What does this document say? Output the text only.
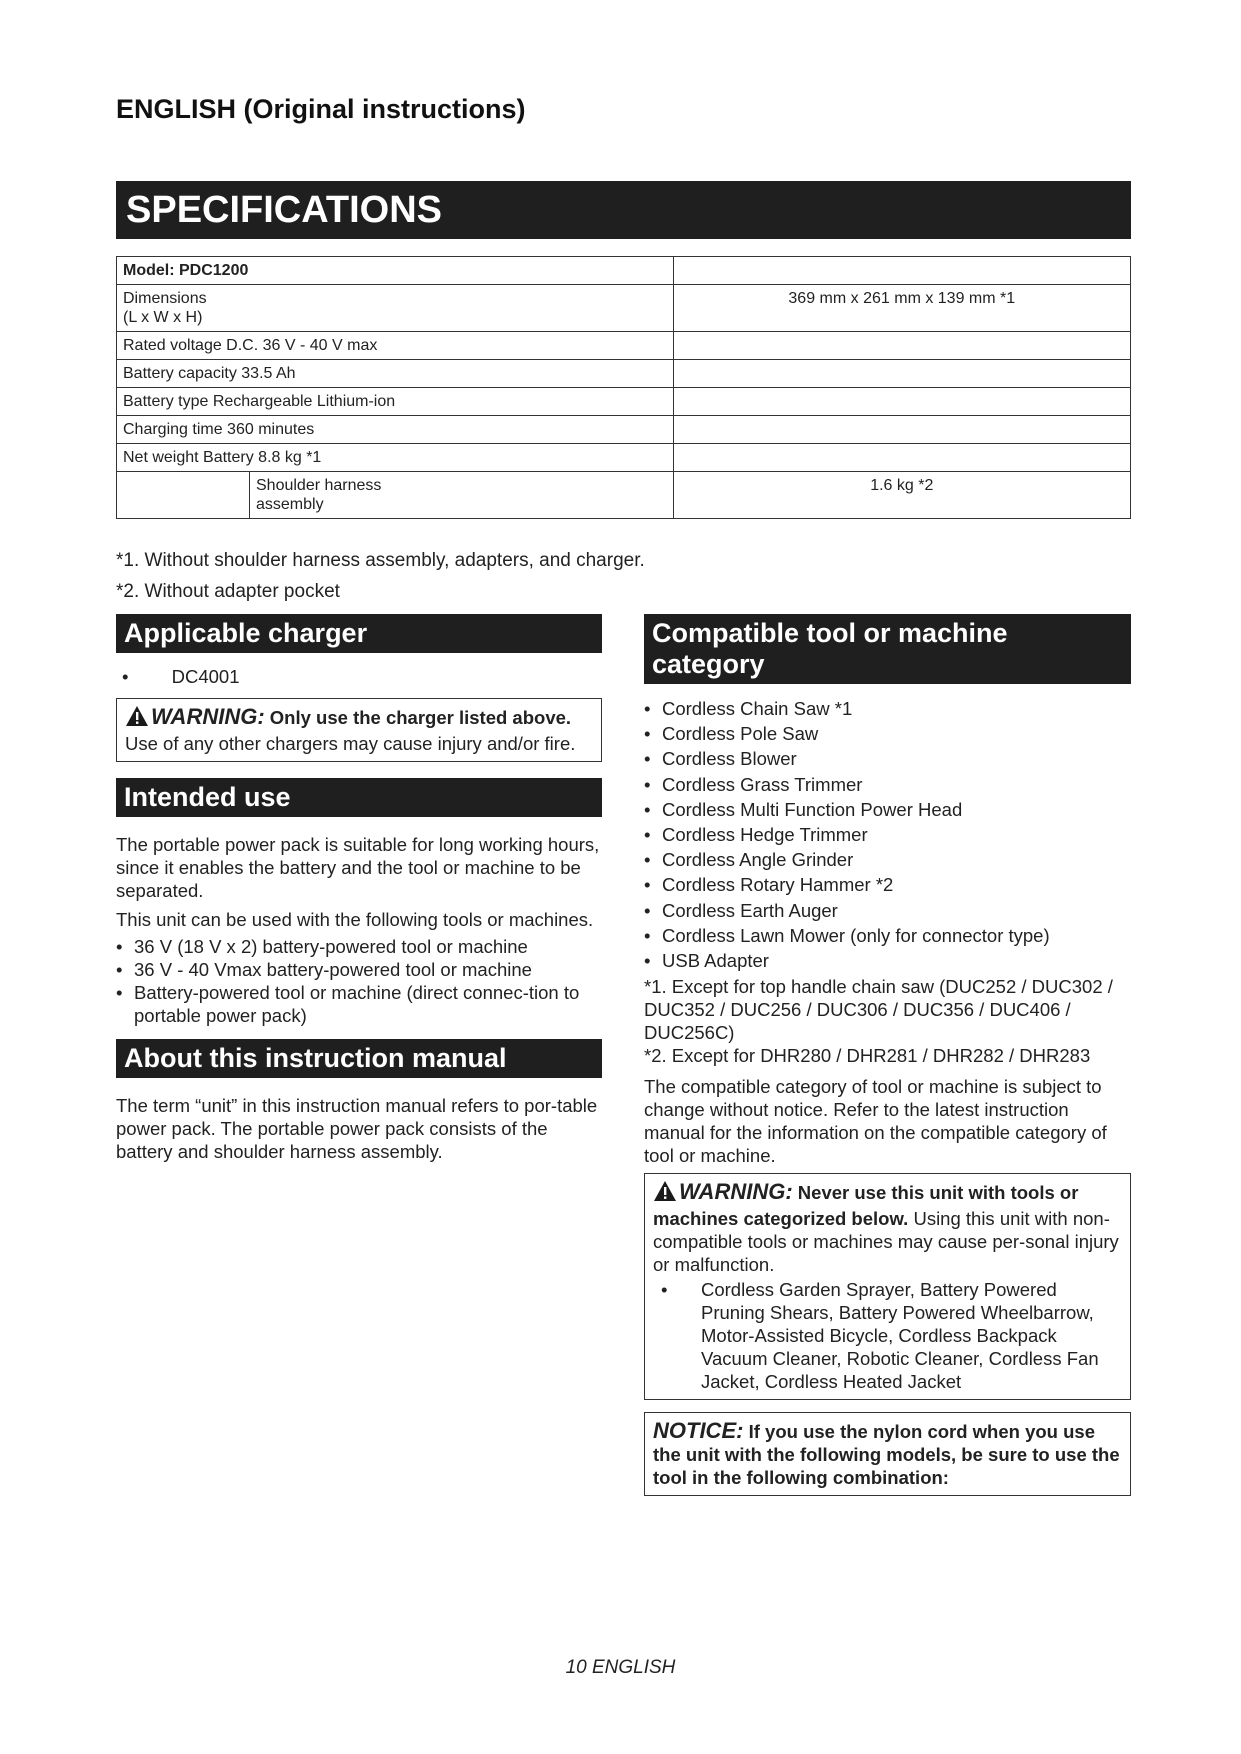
ENGLISH (Original instructions)
SPECIFICATIONS
Model: PDC1200		
Dimensions
(L x W x H)		369 mm x 261 mm x 139 mm *1
Rated voltage D.C. 36 V - 40 V max		
Battery capacity 33.5 Ah		
Battery type Rechargeable Lithium-ion		
Charging time 360 minutes		
Net weight Battery 8.8 kg *1		
	Shoulder harness
assembly	1.6 kg *2
*1. Without shoulder harness assembly, adapters, and charger.
*2. Without adapter pocket
Applicable charger
• DC4001
WARNING: Only use the charger listed above.
Use of any other chargers may cause injury and/or fire.
Intended use
The portable power pack is suitable for long working hours, since it enables the battery and the tool or machine to be separated.
This unit can be used with the following tools or machines.
• 36 V (18 V x 2) battery-powered tool or machine
• 36 V - 40 Vmax battery-powered tool or machine
• Battery-powered tool or machine (direct connec-tion to portable power pack)
About this instruction manual
The term “unit” in this instruction manual refers to por-table power pack. The portable power pack consists of the battery and shoulder harness assembly.
Compatible tool or machine category
• Cordless Chain Saw *1
• Cordless Pole Saw
• Cordless Blower
• Cordless Grass Trimmer
• Cordless Multi Function Power Head
• Cordless Hedge Trimmer
• Cordless Angle Grinder
• Cordless Rotary Hammer *2
• Cordless Earth Auger
• Cordless Lawn Mower (only for connector type)
• USB Adapter
*1. Except for top handle chain saw (DUC252 / DUC302 / DUC352 / DUC256 / DUC306 / DUC356 / DUC406 / DUC256C)
*2. Except for DHR280 / DHR281 / DHR282 / DHR283
The compatible category of tool or machine is subject to change without notice. Refer to the latest instruction manual for the information on the compatible category of tool or machine.
WARNING: Never use this unit with tools or machines categorized below. Using this unit with non-compatible tools or machines may cause per-sonal injury or malfunction.
• Cordless Garden Sprayer, Battery Powered Pruning Shears, Battery Powered Wheelbarrow, Motor-Assisted Bicycle, Cordless Backpack Vacuum Cleaner, Robotic Cleaner, Cordless Fan Jacket, Cordless Heated Jacket
NOTICE: If you use the nylon cord when you use the unit with the following models, be sure to use the tool in the following combination:
10 ENGLISH
